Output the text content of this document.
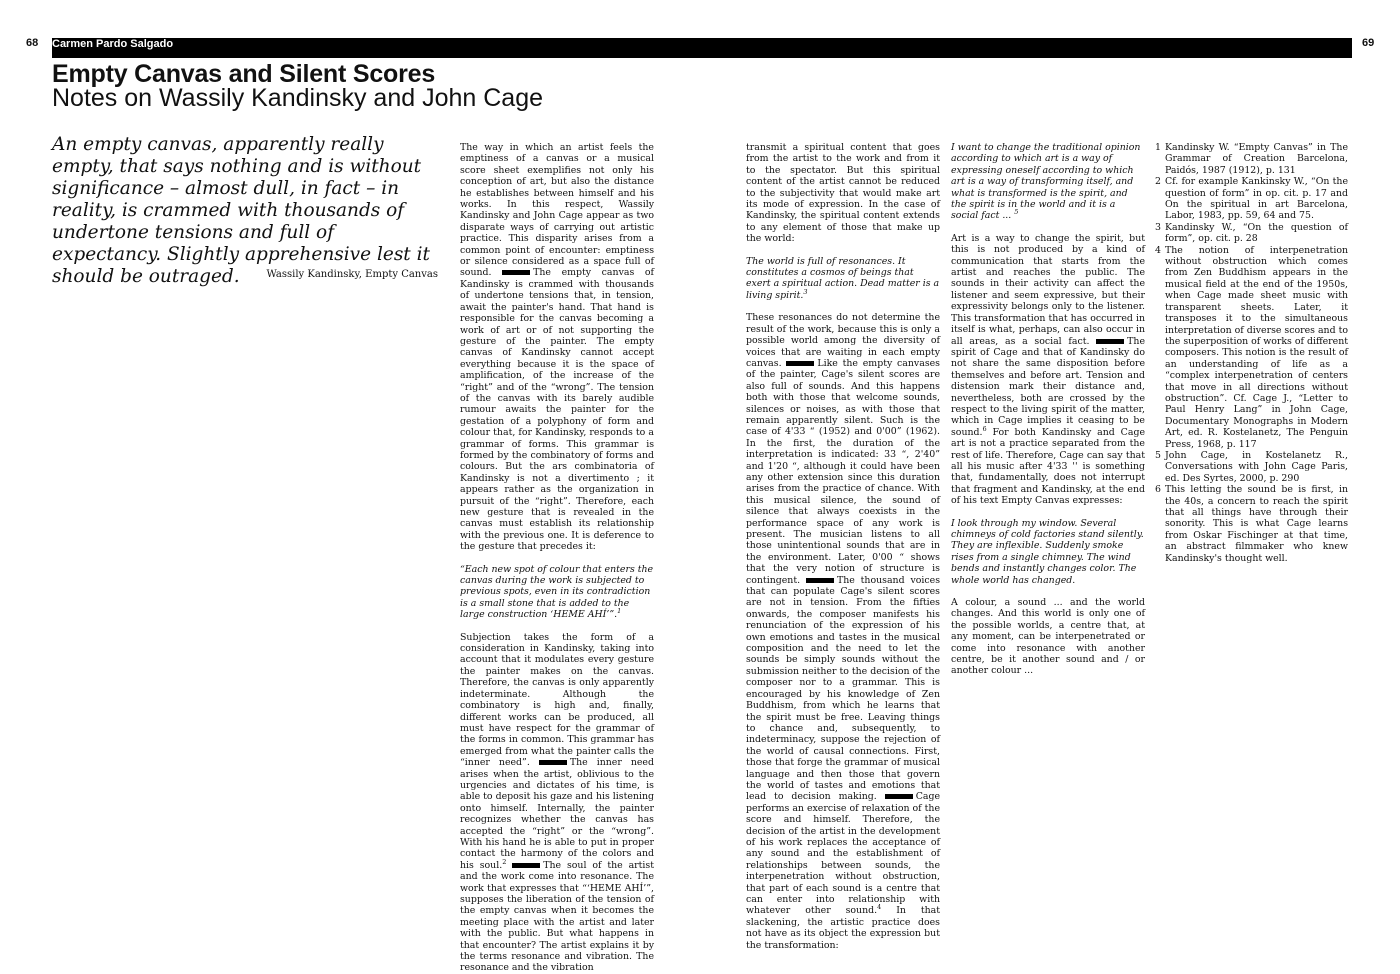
68 Carmen Pardo Salgado	69
Empty Canvas and Silent Scores
Notes on Wassily Kandinsky and John Cage

An empty canvas, apparently really empty, that says nothing and is without significance – almost dull, in fact – in reality, is crammed with thousands of undertone tensions and full of expectancy. Slightly apprehensive lest it should be outraged.	Wassily Kandinsky, Empty Canvas

The way in which an artist feels the emptiness of a canvas or a musical score sheet exemplifies not only his conception of art, but also the distance he establishes between himself and his works. In this respect, Wassily Kandinsky and John Cage appear as two disparate ways of carrying out artistic practice. This disparity arises from a common point of encounter: emptiness or silence considered as a space full of sound.	The empty canvas of Kandinsky is crammed with thousands of undertone tensions that, in tension, await the painter's hand. That hand is responsible for the canvas becoming a work of art or of not supporting the gesture of the painter. The empty canvas of Kandinsky cannot accept everything because it is the space of amplification, of the increase of the “right” and of the “wrong”. The tension of the canvas with its barely audible rumour awaits the painter for the gestation of a polyphony of form and colour that, for Kandinsky, responds to a grammar of forms. This grammar is formed by the combinatory of forms and colours. But the ars combinatoria of Kandinsky is not a divertimento ; it appears rather as the organization in pursuit of the “right”. Therefore, each new gesture that is revealed in the canvas must establish its relationship with the previous one. It is deference to the gesture that precedes it:

“Each new spot of colour that enters the canvas during the work is subjected to previous spots, even in its contradiction is a small stone that is added to the large construction ‘HEME AHÍ’”.$^1$

Subjection takes the form of a consideration in Kandinsky, taking into account that it modulates every gesture the painter makes on the canvas. Therefore, the canvas is only apparently indeterminate. Although the combinatory is high and, finally, different works can be produced, all must have respect for the grammar of the forms in common. This grammar has emerged from what the painter calls the “inner need”.	The inner need arises when the artist, oblivious to the urgencies and dictates of his time, is able to deposit his gaze and his listening onto himself. Internally, the painter recognizes whether the canvas has accepted the “right” or the “wrong”. With his hand he is able to put in proper contact the harmony of the colors and his soul.$^2$	The soul of the artist and the work come into resonance. The work that expresses that “‘HEME AHÍ’”, supposes the liberation of the tension of the empty canvas when it becomes the meeting place with the artist and later with the public. But what happens in that encounter? The artist explains it by the terms resonance and vibration. The resonance and the vibration

transmit a spiritual content that goes from the artist to the work and from it to the spectator. But this spiritual content of the artist cannot be reduced to the subjectivity that would make art its mode of expression. In the case of Kandinsky, the spiritual content extends to any element of those that make up the world:

The world is full of resonances. It constitutes a cosmos of beings that exert a spiritual action. Dead matter is a living spirit.$^3$

These resonances do not determine the result of the work, because this is only a possible world among the diversity of voices that are waiting in each empty canvas.	Like the empty canvases of the painter, Cage's silent scores are also full of sounds. And this happens both with those that welcome sounds, silences or noises, as with those that remain apparently silent. Such is the case of 4'33 “ (1952) and 0'00” (1962). In the first, the duration of the interpretation is indicated: 33 “, 2'40” and 1'20 “, although it could have been any other extension since this duration arises from the practice of chance. With this musical silence, the sound of silence that always coexists in the performance space of any work is present. The musician listens to all those unintentional sounds that are in the environment. Later, 0'00 “ shows that the very notion of structure is contingent.	The thousand voices that can populate Cage's silent scores are not in tension. From the fifties onwards, the composer manifests his renunciation of the expression of his own emotions and tastes in the musical composition and the need to let the sounds be simply sounds without the submission neither to the decision of the composer nor to a grammar. This is encouraged by his knowledge of Zen Buddhism, from which he learns that the spirit must be free. Leaving things to chance and, subsequently, to indeterminacy, suppose the rejection of the world of causal connections. First, those that forge the grammar of musical language and then those that govern the world of tastes and emotions that lead to decision making.	Cage performs an exercise of relaxation of the score and himself. Therefore, the decision of the artist in the development of his work replaces the acceptance of any sound and the establishment of relationships between sounds, the interpenetration without obstruction, that part of each sound is a centre that can enter into relationship with whatever other sound.$^4$ In that slackening, the artistic practice does not have as its object the expression but the transformation:

I want to change the traditional opinion according to which art is a way of expressing oneself according to which art is a way of transforming itself, and what is transformed is the spirit, and the spirit is in the world and it is a social fact ... $^5$

Art is a way to change the spirit, but this is not produced by a kind of communication that starts from the artist and reaches the public. The sounds in their activity can affect the listener and seem expressive, but their expressivity belongs only to the listener. This transformation that has occurred in itself is what, perhaps, can also occur in all areas, as a social fact.	The spirit of Cage and that of Kandinsky do not share the same disposition before themselves and before art. Tension and distension mark their distance and, nevertheless, both are crossed by the respect to the living spirit of the matter, which in Cage implies it ceasing to be sound.$^6$ For both Kandinsky and Cage art is not a practice separated from the rest of life. Therefore, Cage can say that all his music after 4'33 '' is something that, fundamentally, does not interrupt that fragment and Kandinsky, at the end of his text Empty Canvas expresses:

I look through my window. Several chimneys of cold factories stand silently. They are inflexible. Suddenly smoke rises from a single chimney. The wind bends and instantly changes color. The whole world has changed.

A colour, a sound ... and the world changes. And this world is only one of the possible worlds, a centre that, at any moment, can be interpenetrated or come into resonance with another centre, be it another sound and / or another colour ...

1 Kandinsky W. “Empty Canvas” in The Grammar of Creation Barcelona, Paidós, 1987 (1912), p. 131
2 Cf. for example Kankinsky W., “On the question of form” in op. cit. p. 17 and On the spiritual in art Barcelona, Labor, 1983, pp. 59, 64 and 75.
3 Kandinsky W., “On the question of form”, op. cit. p. 28
4 The notion of interpenetration without obstruction which comes from Zen Buddhism appears in the musical field at the end of the 1950s, when Cage made sheet music with transparent sheets. Later, it transposes it to the simultaneous interpretation of diverse scores and to the superposition of works of different composers. This notion is the result of an understanding of life as a “complex interpenetration of centers that move in all directions without obstruction”. Cf. Cage J., “Letter to Paul Henry Lang” in John Cage, Documentary Monographs in Modern Art, ed. R. Kostelanetz, The Penguin Press, 1968, p. 117
5 John Cage, in Kostelanetz R., Conversations with John Cage Paris, ed. Des Syrtes, 2000, p. 290
6 This letting the sound be is first, in the 40s, a concern to reach the spirit that all things have through their sonority. This is what Cage learns from Oskar Fischinger at that time, an abstract filmmaker who knew Kandinsky's thought well.
